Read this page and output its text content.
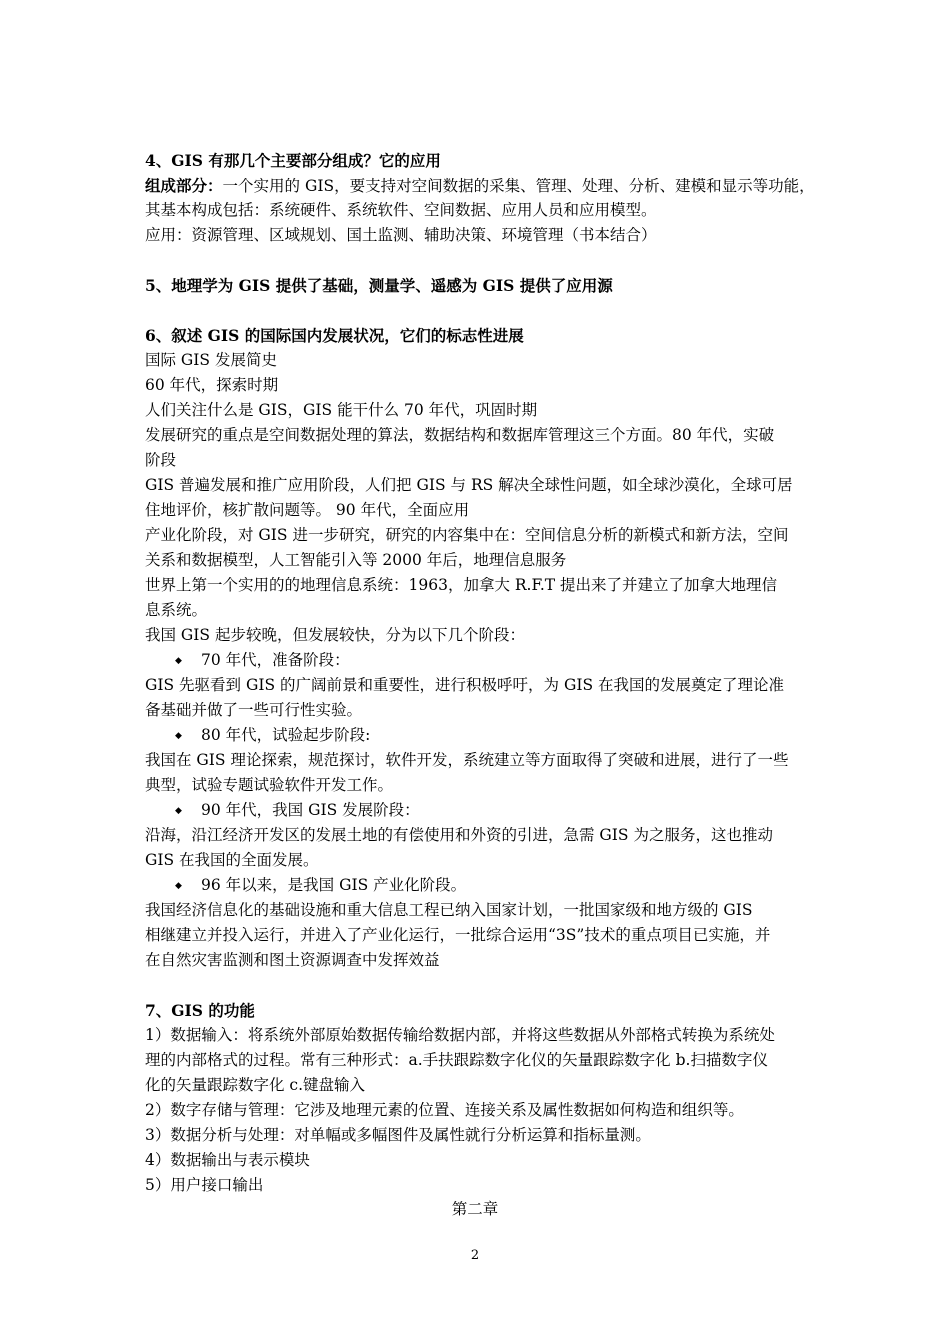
4、GIS 有那几个主要部分组成？它的应用
组成部分：一个实用的 GIS，要支持对空间数据的采集、管理、处理、分析、建模和显示等功能，
其基本构成包括：系统硬件、系统软件、空间数据、应用人员和应用模型。
应用：资源管理、区域规划、国土监测、辅助决策、环境管理（书本结合）
5、地理学为 GIS 提供了基础，测量学、遥感为 GIS 提供了应用源
6、叙述 GIS 的国际国内发展状况，它们的标志性进展
国际 GIS 发展简史
60 年代，探索时期
人们关注什么是 GIS，GIS 能干什么 70 年代，巩固时期
发展研究的重点是空间数据处理的算法，数据结构和数据库管理这三个方面。80 年代，实破
阶段
GIS 普遍发展和推广应用阶段，人们把 GIS 与 RS 解决全球性问题，如全球沙漠化，全球可居
住地评价，核扩散问题等。 90 年代，全面应用
产业化阶段，对 GIS 进一步研究，研究的内容集中在：空间信息分析的新模式和新方法，空间
关系和数据模型，人工智能引入等 2000 年后，地理信息服务
世界上第一个实用的的地理信息系统：1963，加拿大 R.F.T 提出来了并建立了加拿大地理信
息系统。
我国 GIS 起步较晚，但发展较快，分为以下几个阶段：
◆ 70 年代，准备阶段：
GIS 先驱看到 GIS 的广阔前景和重要性，进行积极呼吁，为 GIS 在我国的发展奠定了理论准
备基础并做了一些可行性实验。
◆ 80 年代，试验起步阶段:
我国在 GIS 理论探索，规范探讨，软件开发，系统建立等方面取得了突破和进展，进行了一些
典型，试验专题试验软件开发工作。
◆ 90 年代，我国 GIS 发展阶段：
沿海，沿江经济开发区的发展土地的有偿使用和外资的引进，急需 GIS 为之服务，这也推动
GIS 在我国的全面发展。
◆ 96 年以来，是我国 GIS 产业化阶段。
我国经济信息化的基础设施和重大信息工程已纳入国家计划，一批国家级和地方级的 GIS
相继建立并投入运行，并进入了产业化运行，一批综合运用“3S”技术的重点项目已实施，并
在自然灾害监测和图土资源调查中发挥效益
7、GIS 的功能
1）数据输入：将系统外部原始数据传输给数据内部，并将这些数据从外部格式转换为系统处
理的内部格式的过程。常有三种形式：a.手扶跟踪数字化仪的矢量跟踪数字化 b.扫描数字仪
化的矢量跟踪数字化 c.键盘输入
2）数字存储与管理：它涉及地理元素的位置、连接关系及属性数据如何构造和组织等。
3）数据分析与处理：对单幅或多幅图件及属性就行分析运算和指标量测。
4）数据输出与表示模块
5）用户接口输出
第二章
2
